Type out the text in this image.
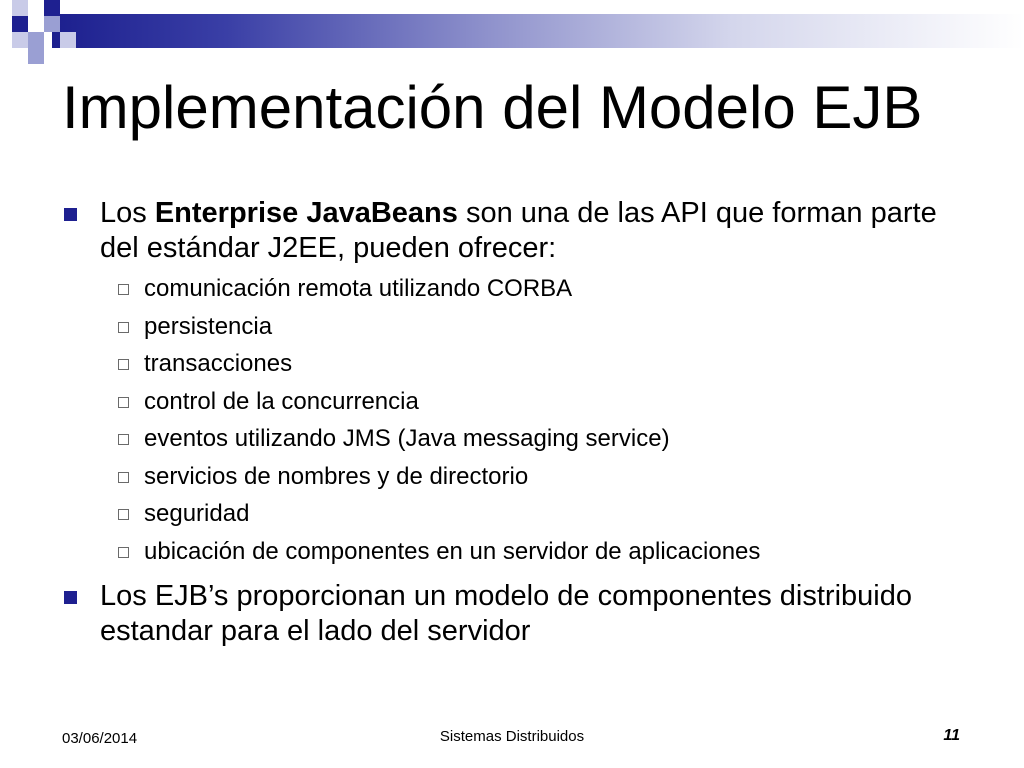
Implementación del Modelo EJB
Los Enterprise JavaBeans son una de las API que forman parte del estándar J2EE, pueden ofrecer:
comunicación remota utilizando CORBA
persistencia
transacciones
control de la concurrencia
eventos utilizando JMS (Java messaging service)
servicios de nombres y de directorio
seguridad
ubicación de componentes en un servidor de aplicaciones
Los EJB’s proporcionan un modelo de componentes distribuido estandar para el lado del servidor
03/06/2014	Sistemas Distribuidos	11
